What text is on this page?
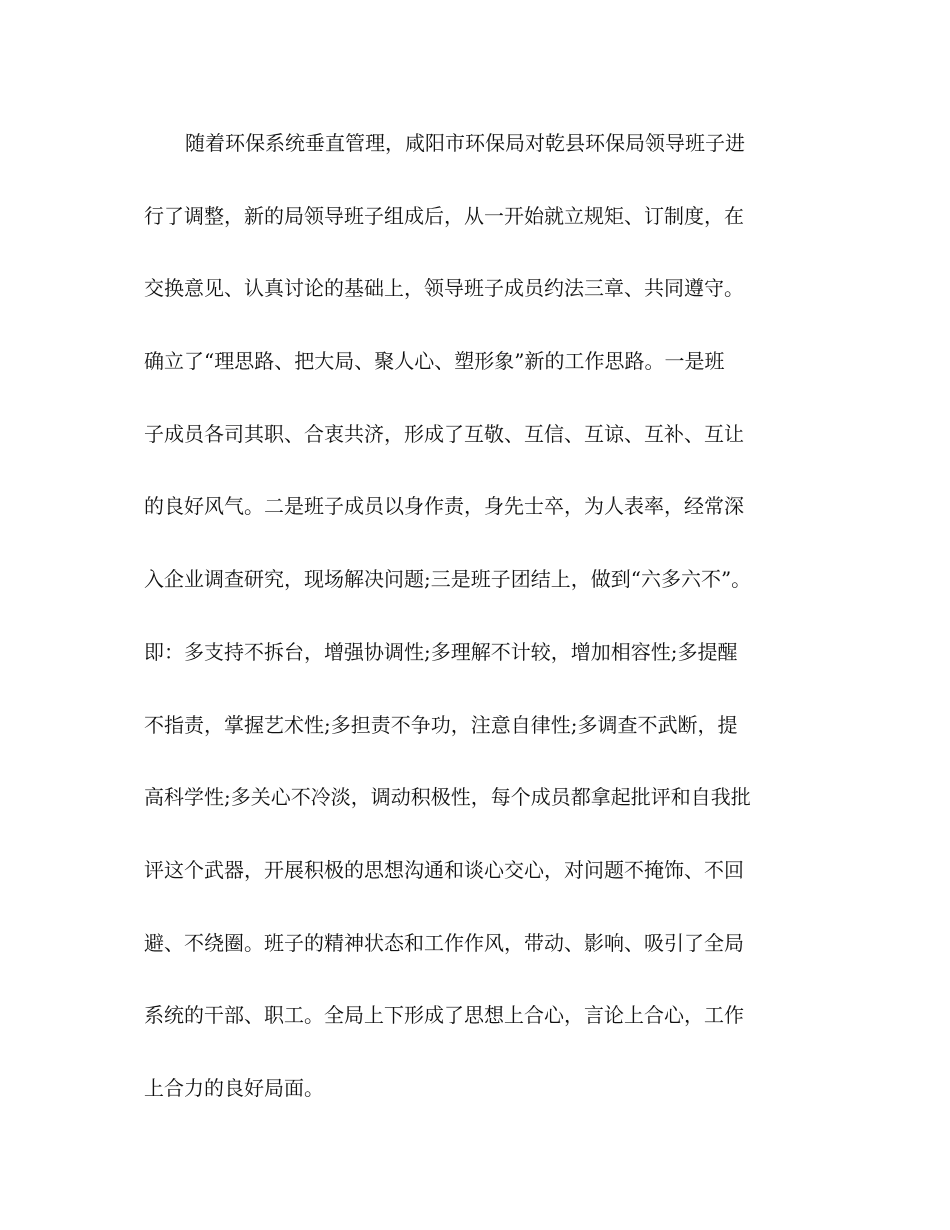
随着环保系统垂直管理，咸阳市环保局对乾县环保局领导班子进
行了调整，新的局领导班子组成后，从一开始就立规矩、订制度，在
交换意见、认真讨论的基础上，领导班子成员约法三章、共同遵守。
确立了“理思路、把大局、聚人心、塑形象”新的工作思路。一是班
子成员各司其职、合衷共济，形成了互敬、互信、互谅、互补、互让
的良好风气。二是班子成员以身作责，身先士卒，为人表率，经常深
入企业调查研究，现场解决问题;三是班子团结上，做到“六多六不”。
即：多支持不拆台，增强协调性;多理解不计较，增加相容性;多提醒
不指责，掌握艺术性;多担责不争功，注意自律性;多调查不武断，提
高科学性;多关心不冷淡，调动积极性，每个成员都拿起批评和自我批
评这个武器，开展积极的思想沟通和谈心交心，对问题不掩饰、不回
避、不绕圈。班子的精神状态和工作作风，带动、影响、吸引了全局
系统的干部、职工。全局上下形成了思想上合心，言论上合心，工作
上合力的良好局面。
